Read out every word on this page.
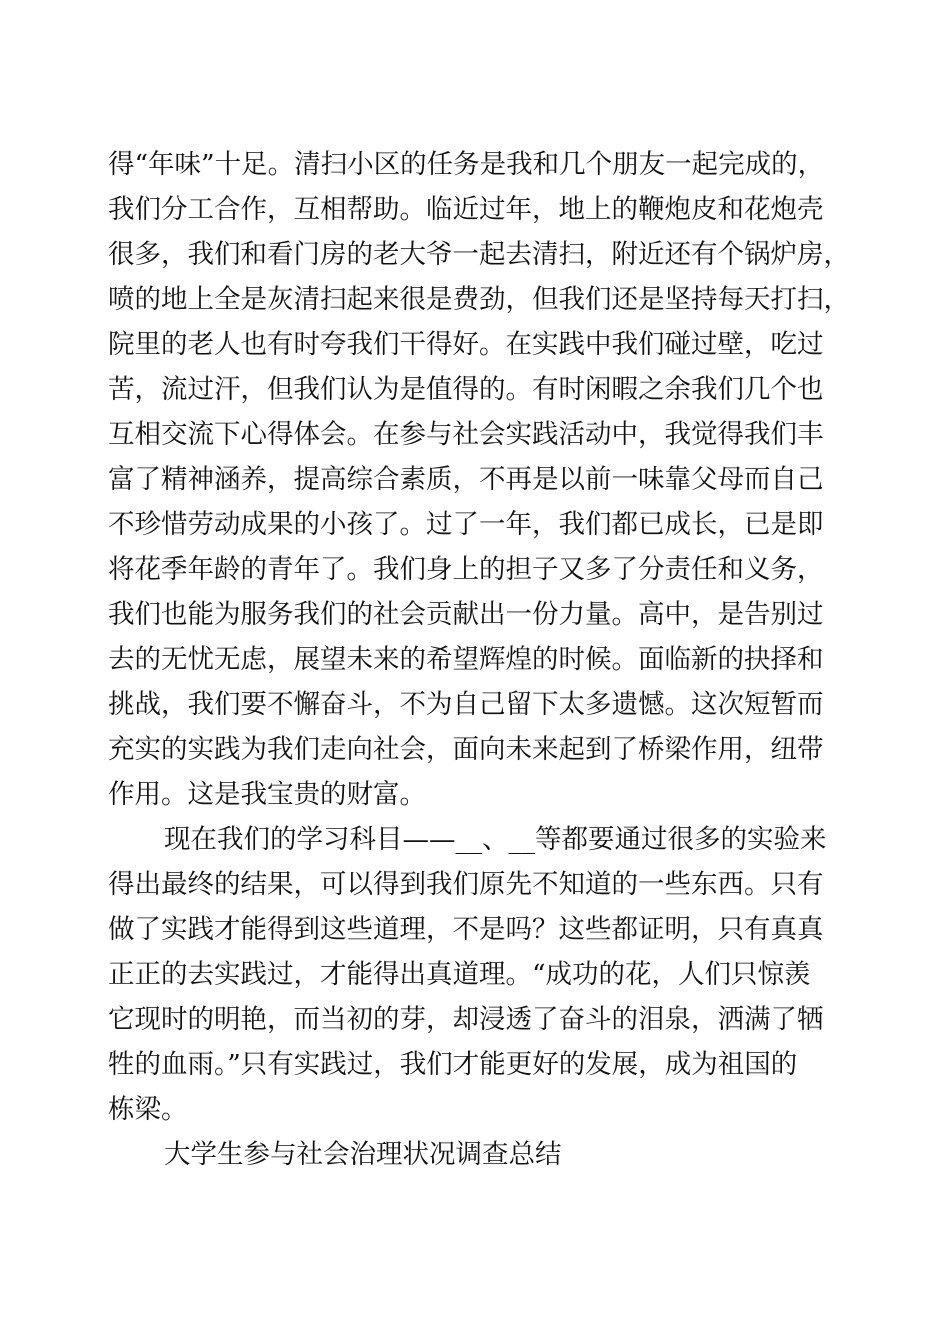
得“年味”十足。清扫小区的任务是我和几个朋友一起完成的，
我们分工合作，互相帮助。临近过年，地上的鞭炮皮和花炮壳
很多，我们和看门房的老大爷一起去清扫，附近还有个锅炉房，
喷的地上全是灰清扫起来很是费劲，但我们还是坚持每天打扫，
院里的老人也有时夸我们干得好。在实践中我们碰过壁，吃过
苦，流过汗，但我们认为是值得的。有时闲暇之余我们几个也
互相交流下心得体会。在参与社会实践活动中，我觉得我们丰
富了精神涵养，提高综合素质，不再是以前一味靠父母而自己
不珍惜劳动成果的小孩了。过了一年，我们都已成长，已是即
将花季年龄的青年了。我们身上的担子又多了分责任和义务，
我们也能为服务我们的社会贡献出一份力量。高中，是告别过
去的无忧无虑，展望未来的希望辉煌的时候。面临新的抉择和
挑战，我们要不懈奋斗，不为自己留下太多遗憾。这次短暂而
充实的实践为我们走向社会，面向未来起到了桥梁作用，纽带
作用。这是我宝贵的财富。
现在我们的学习科目——__、__等都要通过很多的实验来
得出最终的结果，可以得到我们原先不知道的一些东西。只有
做了实践才能得到这些道理，不是吗？这些都证明，只有真真
正正的去实践过，才能得出真道理。“成功的花，人们只惊羡
它现时的明艳，而当初的芽，却浸透了奋斗的泪泉，洒满了牺
牲的血雨。”只有实践过，我们才能更好的发展，成为祖国的
栋梁。
大学生参与社会治理状况调查总结
